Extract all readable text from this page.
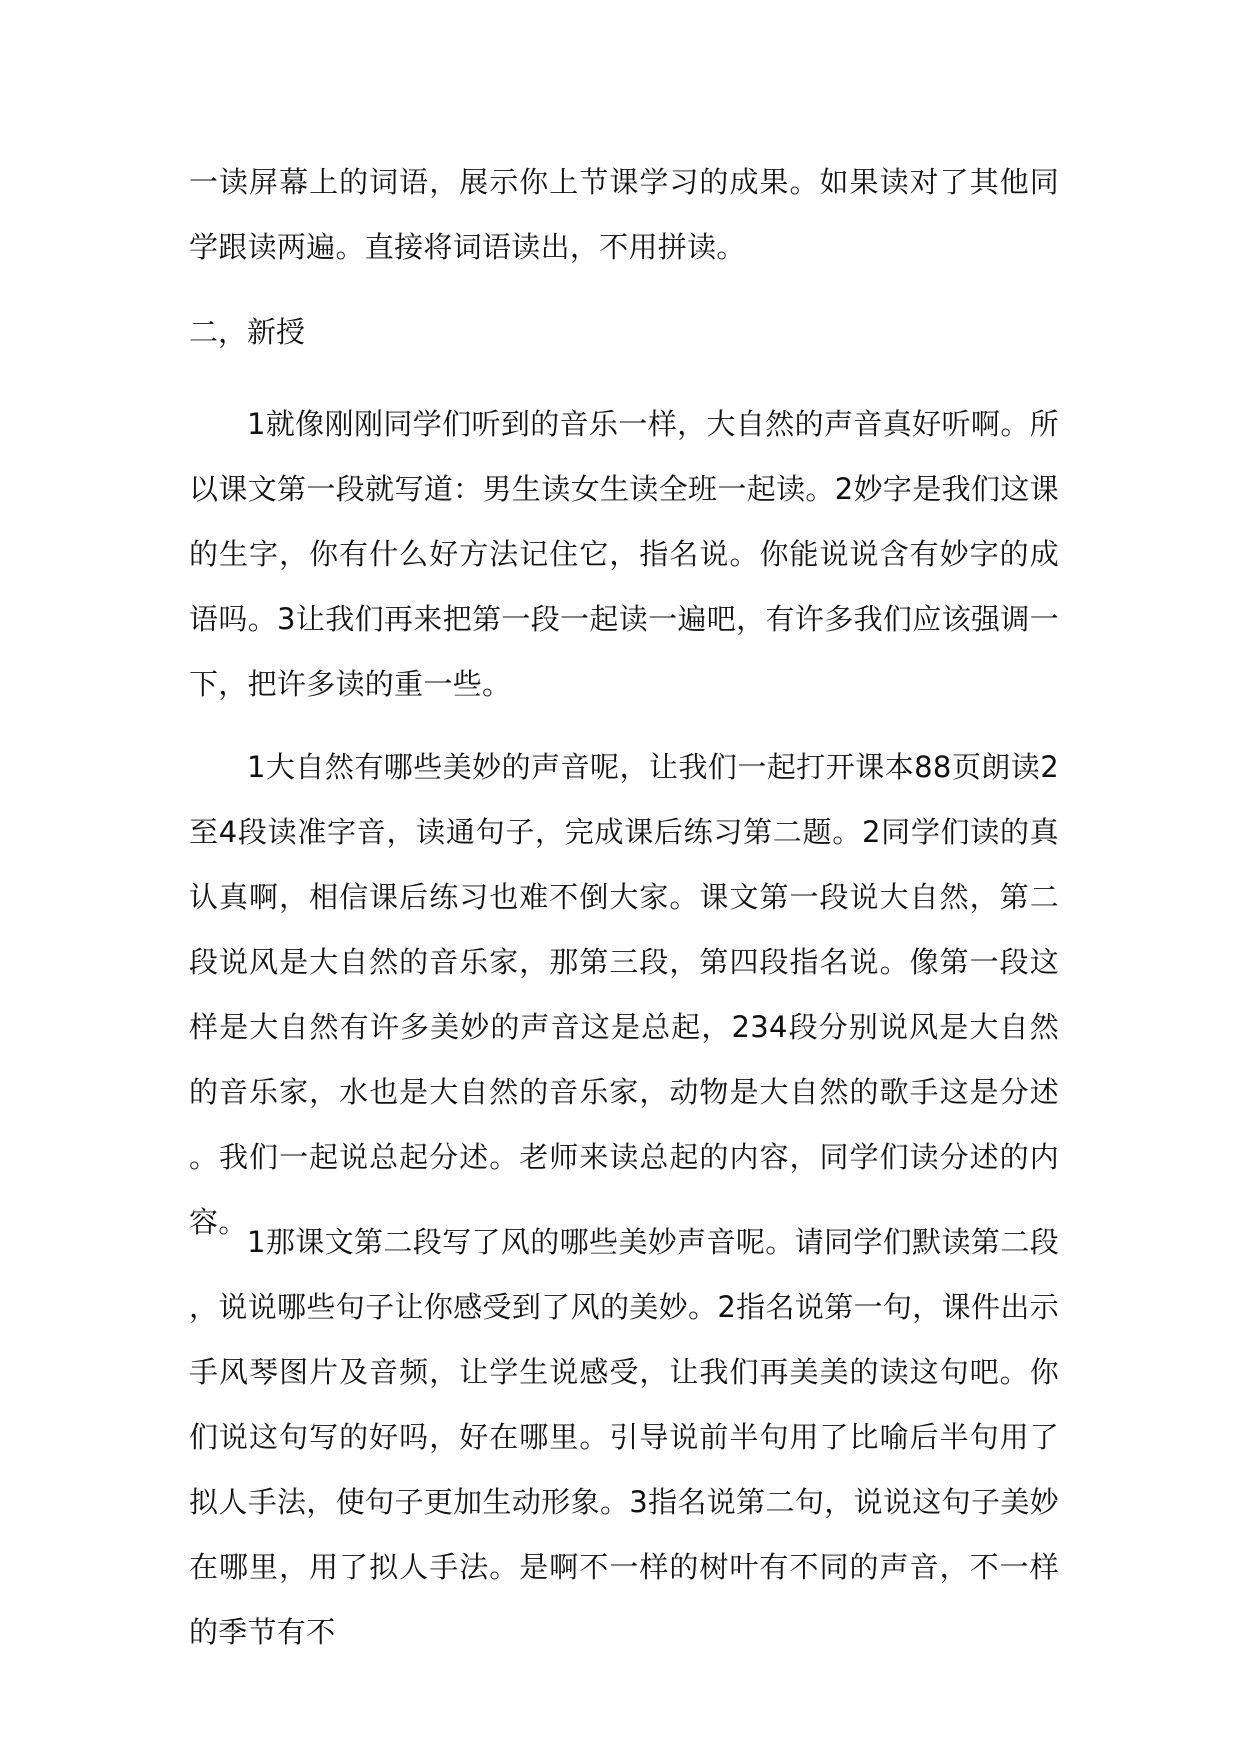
一读屏幕上的词语，展示你上节课学习的成果。如果读对了其他同学跟读两遍。直接将词语读出，不用拼读。

二，新授

1就像刚刚同学们听到的音乐一样，大自然的声音真好听啊。所以课文第一段就写道：男生读女生读全班一起读。2妙字是我们这课的生字，你有什么好方法记住它，指名说。你能说说含有妙字的成语吗。3让我们再来把第一段一起读一遍吧，有许多我们应该强调一下，把许多读的重一些。

1大自然有哪些美妙的声音呢，让我们一起打开课本88页朗读2至4段读准字音，读通句子，完成课后练习第二题。2同学们读的真认真啊，相信课后练习也难不倒大家。课文第一段说大自然，第二段说风是大自然的音乐家，那第三段，第四段指名说。像第一段这样是大自然有许多美妙的声音这是总起，234段分别说风是大自然的音乐家，水也是大自然的音乐家，动物是大自然的歌手这是分述。我们一起说总起分述。老师来读总起的内容，同学们读分述的内容。

1那课文第二段写了风的哪些美妙声音呢。请同学们默读第二段，说说哪些句子让你感受到了风的美妙。2指名说第一句，课件出示手风琴图片及音频，让学生说感受，让我们再美美的读这句吧。你们说这句写的好吗，好在哪里。引导说前半句用了比喻后半句用了拟人手法，使句子更加生动形象。3指名说第二句，说说这句子美妙在哪里，用了拟人手法。是啊不一样的树叶有不同的声音，不一样的季节有不
